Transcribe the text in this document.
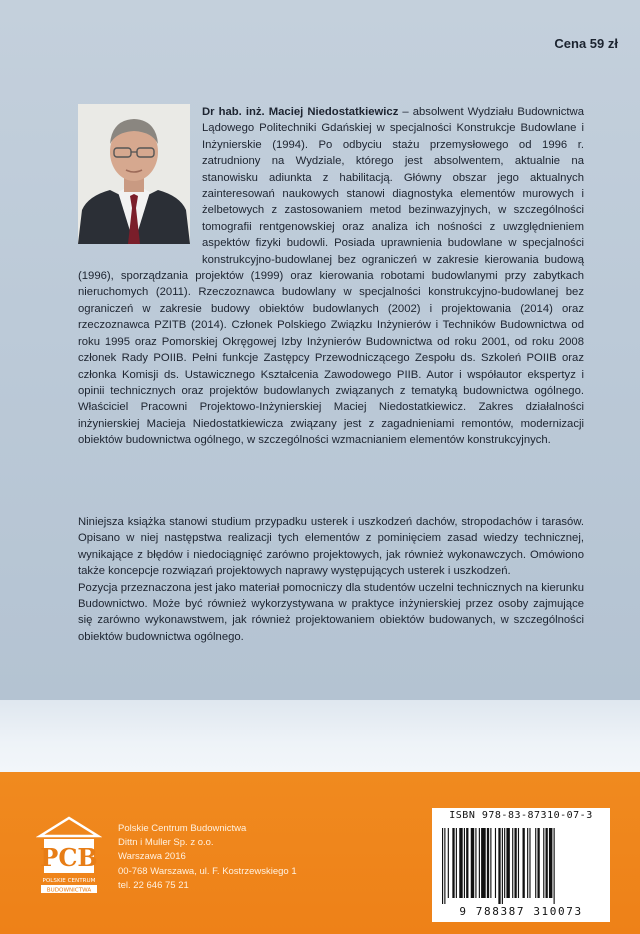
Cena 59 zł
Dr hab. inż. Maciej Niedostatkiewicz – absolwent Wydziału Budownictwa Lądowego Politechniki Gdańskiej w specjalności Konstrukcje Budowlane i Inżynierskie (1994). Po odbyciu stażu przemysłowego od 1996 r. zatrudniony na Wydziale, którego jest absolwentem, aktualnie na stanowisku adiunkta z habilitacją. Główny obszar jego aktualnych zainteresowań naukowych stanowi diagnostyka elementów murowych i żelbetowych z zastosowaniem metod bezinwazyjnych, w szczególności tomografii rentgenowskiej oraz analiza ich nośności z uwzględnieniem aspektów fizyki budowli. Posiada uprawnienia budowlane w specjalności konstrukcyjno-budowlanej bez ograniczeń w zakresie kierowania budową (1996), sporządzania projektów (1999) oraz kierowania robotami budowlanymi przy zabytkach nieruchomych (2011). Rzeczoznawca budowlany w specjalności konstrukcyjno-budowlanej bez ograniczeń w zakresie budowy obiektów budowlanych (2002) i projektowania (2014) oraz rzeczoznawca PZITB (2014). Członek Polskiego Związku Inżynierów i Techników Budownictwa od roku 1995 oraz Pomorskiej Okręgowej Izby Inżynierów Budownictwa od roku 2001, od roku 2008 członek Rady POIIB. Pełni funkcje Zastępcy Przewodniczącego Zespołu ds. Szkoleń POIIB oraz członka Komisji ds. Ustawicznego Kształcenia Zawodowego PIIB. Autor i współautor ekspertyz i opinii technicznych oraz projektów budowlanych związanych z tematyką budownictwa ogólnego. Właściciel Pracowni Projektowo-Inżynierskiej Maciej Niedostatkiewicz. Zakres działalności inżynierskiej Macieja Niedostatkiewicza związany jest z zagadnieniami remontów, modernizacji obiektów budownictwa ogólnego, w szczególności wzmacnianiem elementów konstrukcyjnych.

Niniejsza książka stanowi studium przypadku usterek i uszkodzeń dachów, stropodachów i tarasów. Opisano w niej następstwa realizacji tych elementów z pominięciem zasad wiedzy technicznej, wynikające z błędów i niedociągnięć zarówno projektowych, jak również wykonawczych. Omówiono także koncepcje rozwiązań projektowych naprawy występujących usterek i uszkodzeń.

Pozycja przeznaczona jest jako materiał pomocniczy dla studentów uczelni technicznych na kierunku Budownictwo. Może być również wykorzystywana w praktyce inżynierskiej przez osoby zajmujące się zarówno wykonawstwem, jak również projektowaniem obiektów budowanych, w szczególności obiektów budownictwa ogólnego.

PCB
POLSKIE CENTRUM
BUDOWNICTWA
Polskie Centrum Budownictwa
Dittn i Muller Sp. z o.o.
Warszawa 2016
00-768 Warszawa, ul. F. Kostrzewskiego 1
tel. 22 646 75 21
ISBN 978-83-87310-07-3
9 788387 310073
